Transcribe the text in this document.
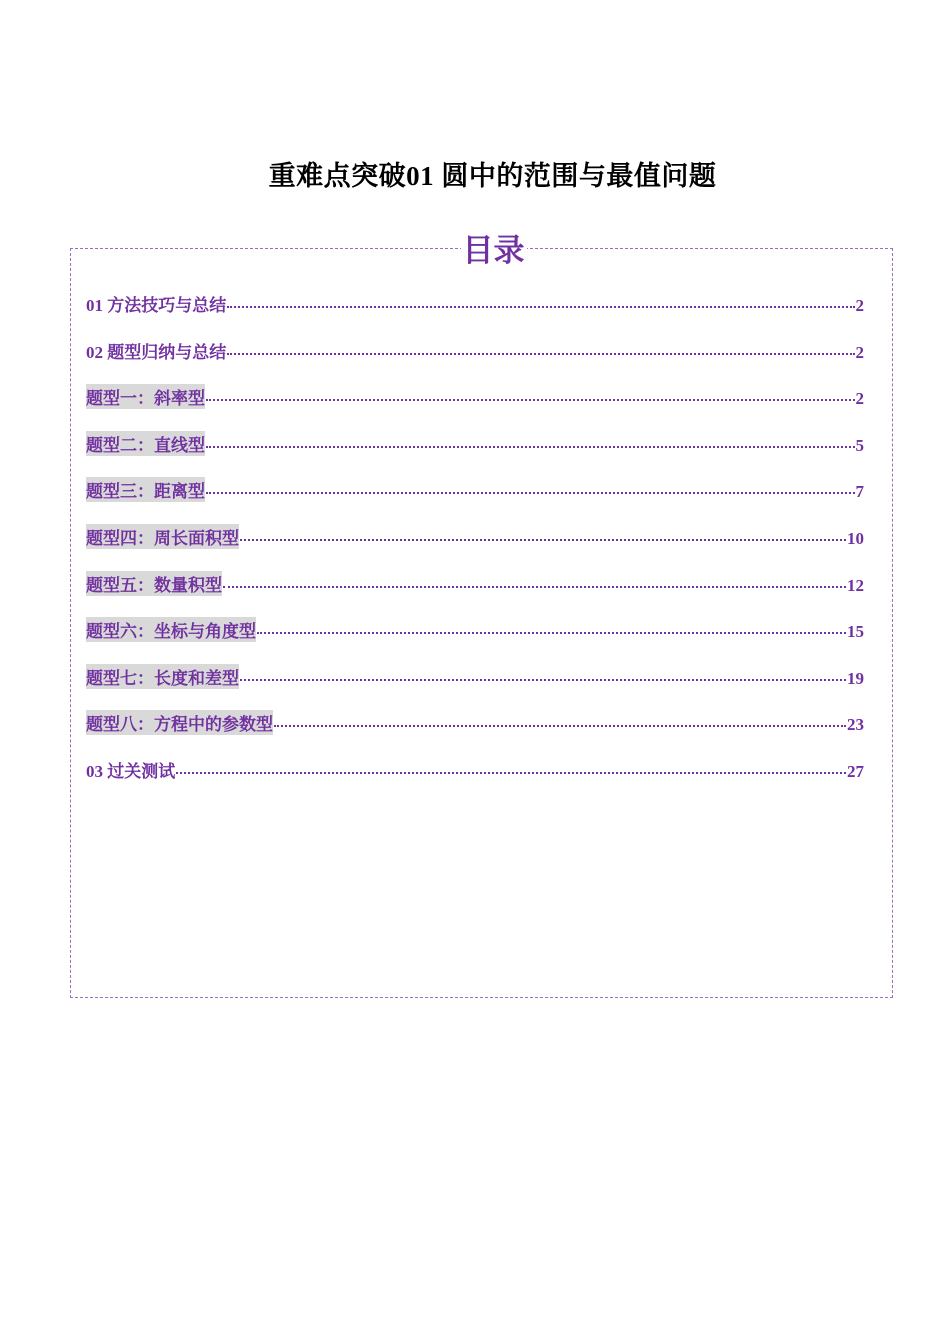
重难点突破01 圆中的范围与最值问题
目录
01 方法技巧与总结	2
02 题型归纳与总结	2
题型一：斜率型	2
题型二：直线型	5
题型三：距离型	7
题型四：周长面积型	10
题型五：数量积型	12
题型六：坐标与角度型	15
题型七：长度和差型	19
题型八：方程中的参数型	23
03 过关测试	27
